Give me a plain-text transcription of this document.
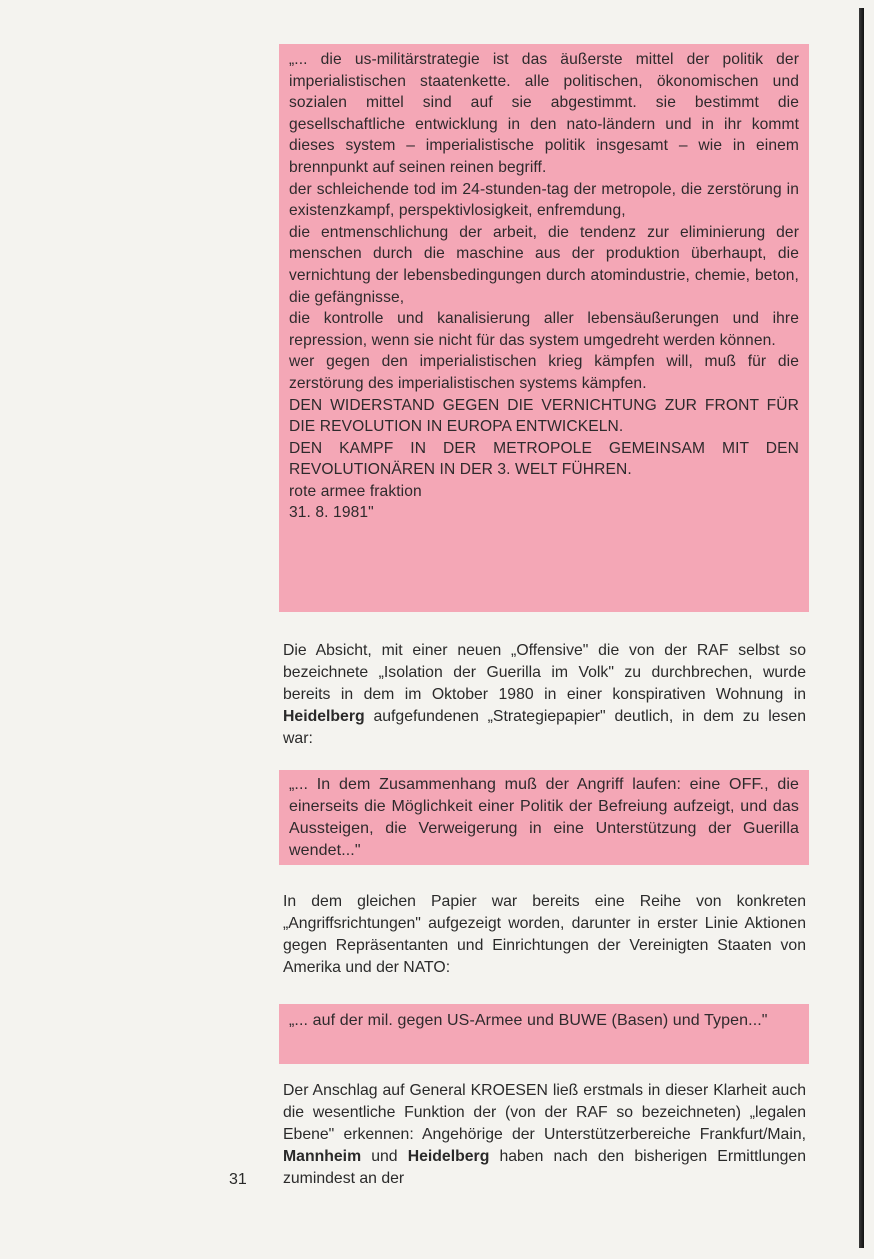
„... die us-militärstrategie ist das äußerste mittel der politik der imperialistischen staatenkette. alle politischen, ökonomischen und sozialen mittel sind auf sie abgestimmt. sie bestimmt die gesellschaftliche entwicklung in den nato-ländern und in ihr kommt dieses system – imperialistische politik insgesamt – wie in einem brennpunkt auf seinen reinen begriff.
der schleichende tod im 24-stunden-tag der metropole, die zerstörung in existenzkampf, perspektivlosigkeit, enfremdung,
die entmenschlichung der arbeit, die tendenz zur eliminierung der menschen durch die maschine aus der produktion überhaupt, die vernichtung der lebensbedingungen durch atomindustrie, chemie, beton, die gefängnisse,
die kontrolle und kanalisierung aller lebensäußerungen und ihre repression, wenn sie nicht für das system umgedreht werden können.
wer gegen den imperialistischen krieg kämpfen will, muß für die zerstörung des imperialistischen systems kämpfen.
DEN WIDERSTAND GEGEN DIE VERNICHTUNG ZUR FRONT FÜR DIE REVOLUTION IN EUROPA ENTWICKELN.
DEN KAMPF IN DER METROPOLE GEMEINSAM MIT DEN REVOLUTIONÄREN IN DER 3. WELT FÜHREN.
rote armee fraktion
31. 8. 1981"
Die Absicht, mit einer neuen „Offensive" die von der RAF selbst so bezeichnete „Isolation der Guerilla im Volk" zu durchbrechen, wurde bereits in dem im Oktober 1980 in einer konspirativen Wohnung in Heidelberg aufgefundenen „Strategiepapier" deutlich, in dem zu lesen war:
„... In dem Zusammenhang muß der Angriff laufen: eine OFF., die einerseits die Möglichkeit einer Politik der Befreiung aufzeigt, und das Aussteigen, die Verweigerung in eine Unterstützung der Guerilla wendet..."
In dem gleichen Papier war bereits eine Reihe von konkreten „Angriffsrichtungen" aufgezeigt worden, darunter in erster Linie Aktionen gegen Repräsentanten und Einrichtungen der Vereinigten Staaten von Amerika und der NATO:
„... auf der mil. gegen US-Armee und BUWE (Basen) und Typen..."
Der Anschlag auf General KROESEN ließ erstmals in dieser Klarheit auch die wesentliche Funktion der (von der RAF so bezeichneten) „legalen Ebene" erkennen: Angehörige der Unterstützerbereiche Frankfurt/Main, Mannheim und Heidelberg haben nach den bisherigen Ermittlungen zumindest an der
31
